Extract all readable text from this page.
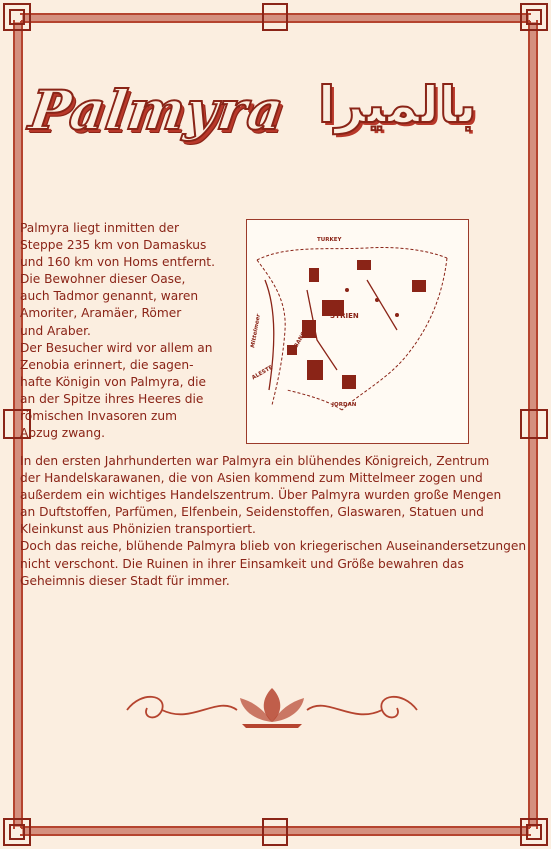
Palmyra بالميرا
Palmyra liegt inmitten der
Steppe 235 km von Damaskus
und 160 km von Homs entfernt.
Die Bewohner dieser Oase,
auch Tadmor genannt, waren
Amoriter, Aramäer, Römer
und Araber.
Der Besucher wird vor allem an
Zenobia erinnert, die sagen-
hafte Königin von Palmyra, die
an der Spitze ihres Heeres die
römischen Invasoren zum
Abzug zwang.
TURKEY
SYRIEN
LEBANON
Mittelmeer
JORDAN
ALESTE
In den ersten Jahrhunderten war Palmyra ein blühendes Königreich, Zentrum
der Handelskarawanen, die von Asien kommend zum Mittelmeer zogen und
außerdem ein wichtiges Handelszentrum. Über Palmyra wurden große Mengen
an Duftstoffen, Parfümen, Elfenbein, Seidenstoffen, Glaswaren, Statuen und
Kleinkunst aus Phönizien transportiert.
Doch das reiche, blühende Palmyra blieb von kriegerischen Auseinandersetzungen
nicht verschont. Die Ruinen in ihrer Einsamkeit und Größe bewahren das
Geheimnis dieser Stadt für immer.
